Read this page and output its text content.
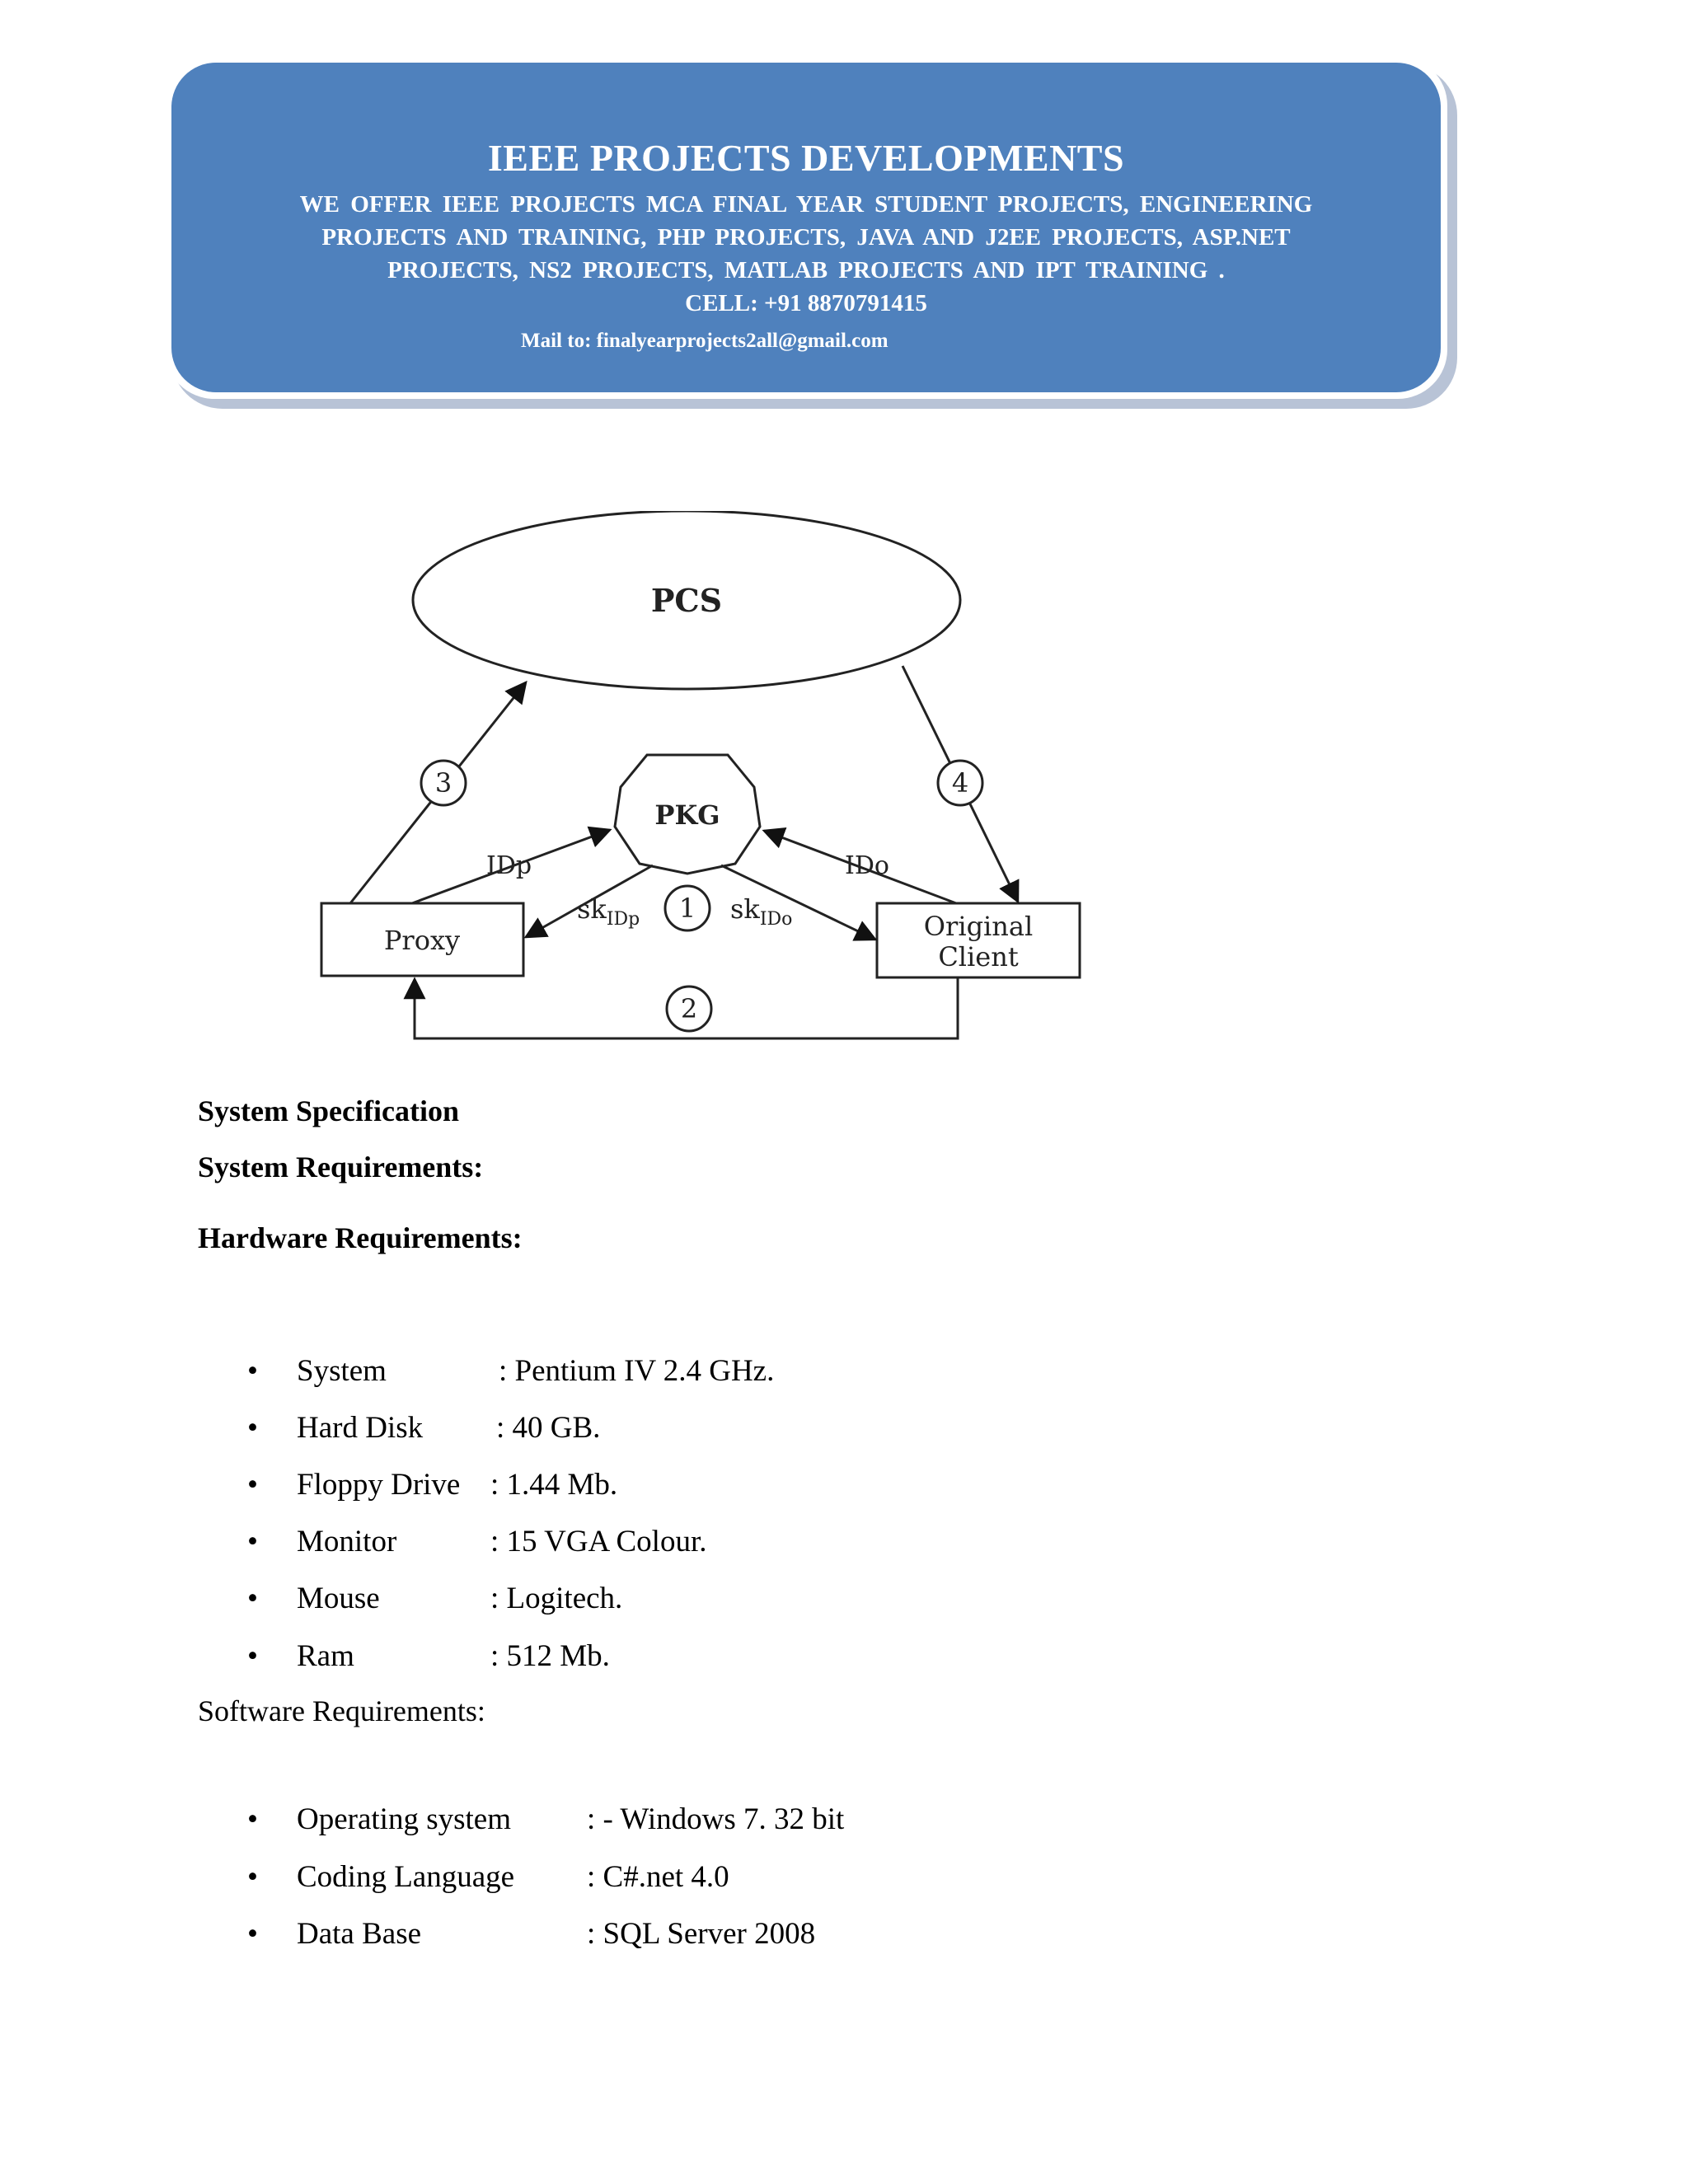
IEEE PROJECTS DEVELOPMENTS
WE OFFER IEEE PROJECTS MCA FINAL YEAR STUDENT PROJECTS, ENGINEERING
PROJECTS AND TRAINING, PHP PROJECTS, JAVA AND J2EE PROJECTS, ASP.NET
PROJECTS, NS2 PROJECTS, MATLAB PROJECTS AND IPT TRAINING .
CELL: +91 8870791415
Mail to: finalyearprojects2all@gmail.com
PCS
PKG
Proxy	Original
Client
3	4
IDp	IDo
$sk_{IDp}$	$sk_{IDo}$
1
2
System Specification
System Requirements:
Hardware Requirements:
• System	: Pentium IV 2.4 GHz.
• Hard Disk : 40 GB.
• Floppy Drive : 1.44 Mb.
• Monitor	: 15 VGA Colour.
• Mouse	: Logitech.
• Ram	: 512 Mb.
Software Requirements:
• Operating system : - Windows 7. 32 bit
• Coding Language : C#.net 4.0
• Data Base	: SQL Server 2008
